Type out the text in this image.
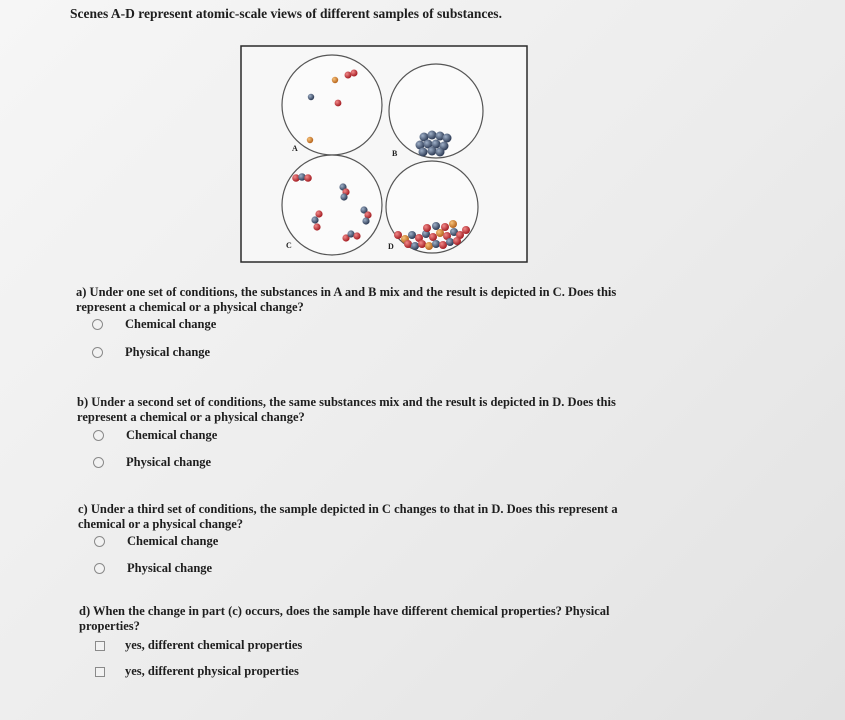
Scenes A-D represent atomic-scale views of different samples of substances.
A
B
C	D
a) Under one set of conditions, the substances in A and B mix and the result is depicted in C. Does this
represent a chemical or a physical change?
Chemical change
Physical change
b) Under a second set of conditions, the same substances mix and the result is depicted in D. Does this
represent a chemical or a physical change?
Chemical change
Physical change
c) Under a third set of conditions, the sample depicted in C changes to that in D. Does this represent a
chemical or a physical change?
Chemical change
Physical change
d) When the change in part (c) occurs, does the sample have different chemical properties? Physical
properties?
yes, different chemical properties
yes, different physical properties
